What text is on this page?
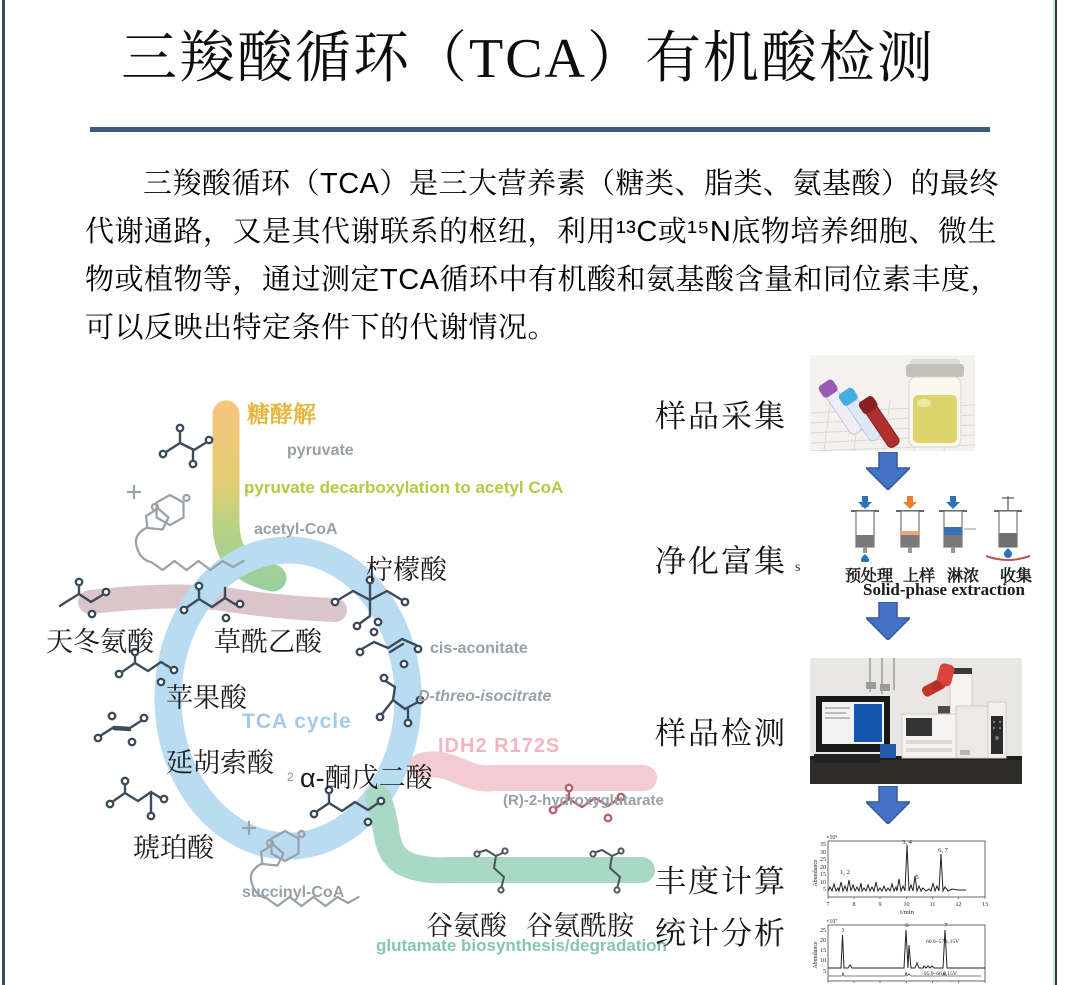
三羧酸循环（TCA）有机酸检测
三羧酸循环（TCA）是三大营养素（糖类、脂类、氨基酸）的最终
代谢通路，又是其代谢联系的枢纽，利用¹³C或¹⁵N底物培养细胞、微生
物或植物等，通过测定TCA循环中有机酸和氨基酸含量和同位素丰度，
可以反映出特定条件下的代谢情况。
糖酵解
pyruvate
pyruvate decarboxylation to acetyl CoA
acetyl-CoA
柠檬酸
天冬氨酸 草酰乙酸	cis-aconitate
苹果酸	D-threo-isocitrate
TCA cycle
IDH2 R172S
延胡索酸 2 α-酮戊二酸
(R)-2-hydroxyglutarate
琥珀酸
succinyl-CoA
谷氨酸 谷氨酰胺
glutamate biosynthesis/degradation
样品采集
净化富集
样品检测
丰度计算
统计分析
s
预处理 上样 淋浓 收集
Solid-phase extraction
×10⁵
Abundance
35
30
25
20
15
10
5
1, 2
3, 4
5
6, 7
7	8	9	10	11	12	13
t/min
×10⁷
Abundance
25
20
15
10
5
1
6	7
60.0~57.1,15V
-95.0~66.0,15V
